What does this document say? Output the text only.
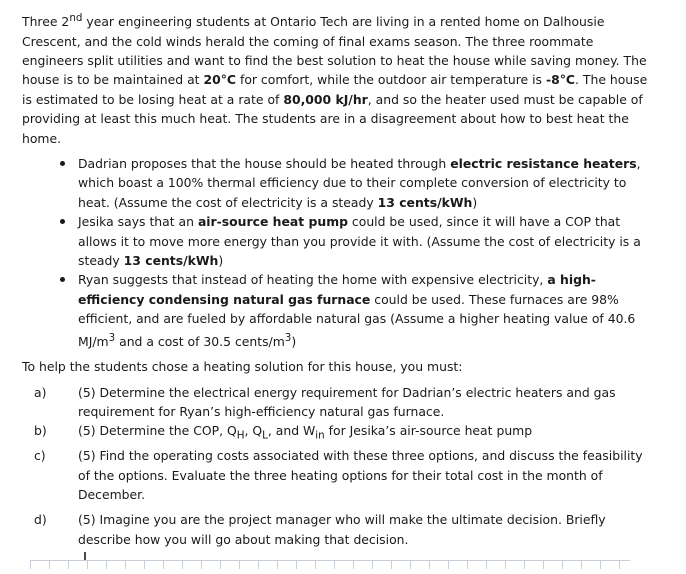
Three 2nd year engineering students at Ontario Tech are living in a rented home on Dalhousie Crescent, and the cold winds herald the coming of final exams season. The three roommate engineers split utilities and want to find the best solution to heat the house while saving money. The house is to be maintained at 20°C for comfort, while the outdoor air temperature is -8°C. The house is estimated to be losing heat at a rate of 80,000 kJ/hr, and so the heater used must be capable of providing at least this much heat. The students are in a disagreement about how to best heat the home.

Dadrian proposes that the house should be heated through electric resistance heaters, which boast a 100% thermal efficiency due to their complete conversion of electricity to heat. (Assume the cost of electricity is a steady 13 cents/kWh)
Jesika says that an air-source heat pump could be used, since it will have a COP that allows it to move more energy than you provide it with. (Assume the cost of electricity is a steady 13 cents/kWh)
Ryan suggests that instead of heating the home with expensive electricity, a high-efficiency condensing natural gas furnace could be used. These furnaces are 98% efficient, and are fueled by affordable natural gas (Assume a higher heating value of 40.6 $MJ/m^3$ and a cost of 30.5 cents/$m^3$)

To help the students chose a heating solution for this house, you must:

a)	(5) Determine the electrical energy requirement for Dadrian’s electric heaters and gas requirement for Ryan’s high-efficiency natural gas furnace.
b)	(5) Determine the COP, $Q_H$, $Q_L$, and $W_{in}$ for Jesika’s air-source heat pump
c)	(5) Find the operating costs associated with these three options, and discuss the feasibility of the options. Evaluate the three heating options for their total cost in the month of December.
d)	(5) Imagine you are the project manager who will make the ultimate decision. Briefly describe how you will go about making that decision.
